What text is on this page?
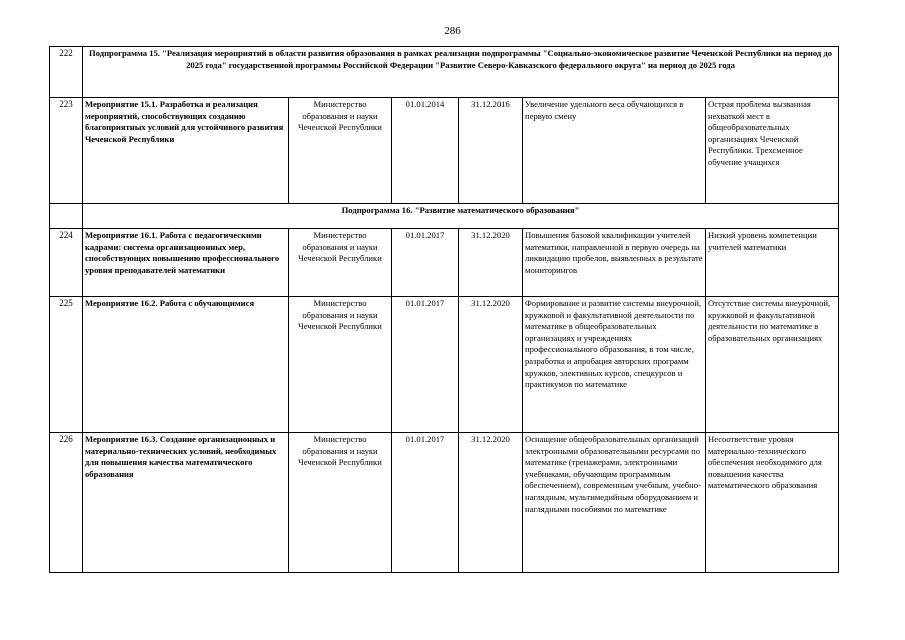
286
222	Подпрограмма 15. "Реализация мероприятий в области развития образования в рамках реализации подпрограммы "Социально-экономическое развитие Чеченской Республики на период до 2025 года" государственной программы Российской Федерации "Развитие Северо-Кавказского федерального округа" на период до 2025 года					
223	Мероприятие 15.1. Разработка и реализация мероприятий, способствующих созданию благоприятных условий для устойчивого развития Чеченской Республики	Министерство образования и науки Чеченской Республики	01.01.2014	31.12.2016	Увеличение удельного веса обучающихся в первую смену	Острая проблема вызванная нехваткой мест в общеобразовательных организациях Чеченской Республики. Трехсменное обучение учащихся
	Подпрограмма 16. "Развитие математического образования"					
224	Мероприятие 16.1. Работа с педагогическими кадрами: система организационных мер, способствующих повышению профессионального уровня преподавателей математики	Министерство образования и науки Чеченской Республики	01.01.2017	31.12.2020	Повышения базовой квалификации учителей математики, направленной в первую очередь на ликвидацию пробелов, выявленных в результате мониторингов	Низкий уровень компетенции учителей математики
225	Мероприятие 16.2. Работа с обучающимися	Министерство образования и науки Чеченской Республики	01.01.2017	31.12.2020	Формирование и развитие системы внеурочной, кружковой и факультативной деятельности по математике в общеобразовательных организациях и учреждениях профессионального образования, в том числе, разработка и апробация авторских программ кружков, элективных курсов, спецкурсов и практикумов по математике	Отсутствие системы внеурочной, кружковой и факультативной деятельности по математике в образовательных организациях
226	Мероприятие 16.3. Создание организационных и материально-технических условий, необходимых для повышения качества математического образования	Министерство образования и науки Чеченской Республики	01.01.2017	31.12.2020	Оснащение общеобразовательных организаций электронными образовательными ресурсами по математике (тренажерами, электронными учебниками, обучающим программным обеспечением), современным учебным, учебно-наглядным, мультимедийным оборудованием и наглядными пособиями по математике	Несоответствие уровня материально-технического обеспечения необходимого для повышения качества математического образования
